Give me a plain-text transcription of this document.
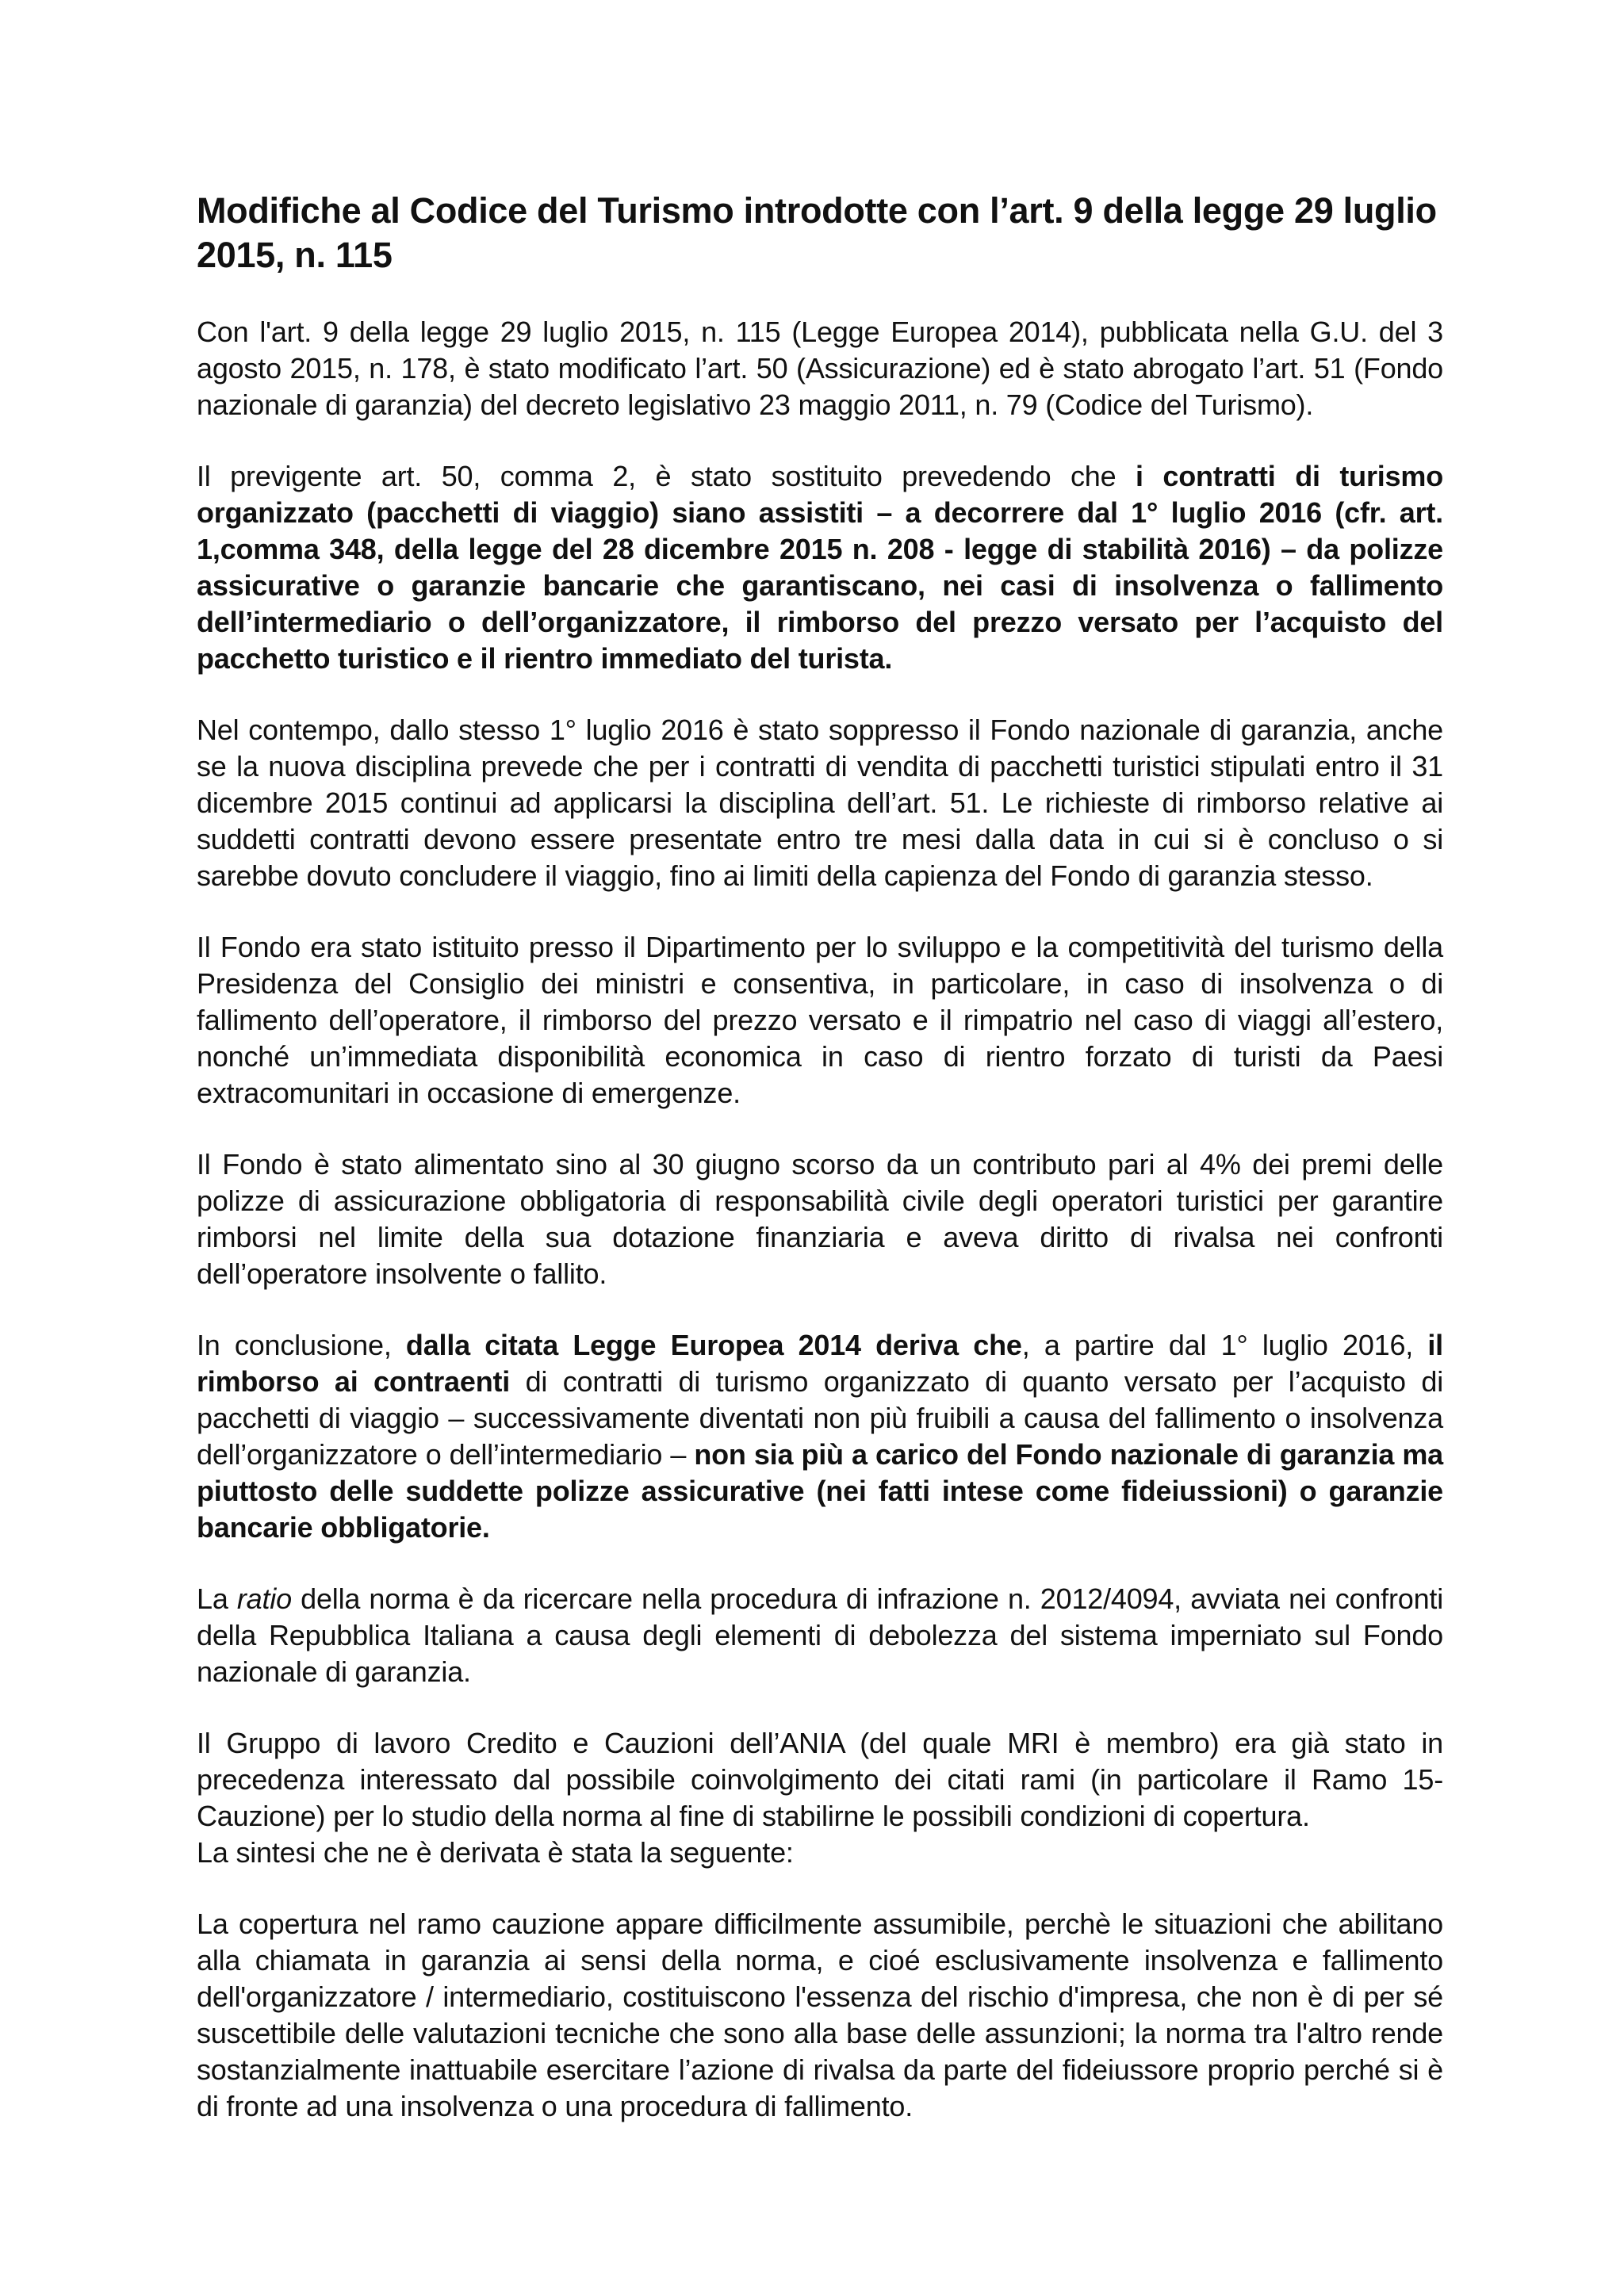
Modifiche al Codice del Turismo introdotte con l’art. 9 della legge 29 luglio 2015, n. 115

Con l'art. 9 della legge 29 luglio 2015, n. 115 (Legge Europea 2014), pubblicata nella G.U. del 3 agosto 2015, n. 178, è stato modificato l’art. 50 (Assicurazione) ed è stato abrogato l’art. 51 (Fondo nazionale di garanzia) del decreto legislativo 23 maggio 2011, n. 79 (Codice del Turismo).

Il previgente art. 50, comma 2, è stato sostituito prevedendo che i contratti di turismo organizzato (pacchetti di viaggio) siano assistiti – a decorrere dal 1° luglio 2016 (cfr. art. 1,comma 348, della legge del 28 dicembre 2015 n. 208 - legge di stabilità 2016) – da polizze assicurative o garanzie bancarie che garantiscano, nei casi di insolvenza o fallimento dell’intermediario o dell’organizzatore, il rimborso del prezzo versato per l’acquisto del pacchetto turistico e il rientro immediato del turista.

Nel contempo, dallo stesso 1° luglio 2016 è stato soppresso il Fondo nazionale di garanzia, anche se la nuova disciplina prevede che per i contratti di vendita di pacchetti turistici stipulati entro il 31 dicembre 2015 continui ad applicarsi la disciplina dell’art. 51. Le richieste di rimborso relative ai suddetti contratti devono essere presentate entro tre mesi dalla data in cui si è concluso o si sarebbe dovuto concludere il viaggio, fino ai limiti della capienza del Fondo di garanzia stesso.

Il Fondo era stato istituito presso il Dipartimento per lo sviluppo e la competitività del turismo della Presidenza del Consiglio dei ministri e consentiva, in particolare, in caso di insolvenza o di fallimento dell’operatore, il rimborso del prezzo versato e il rimpatrio nel caso di viaggi all’estero, nonché un’immediata disponibilità economica in caso di rientro forzato di turisti da Paesi extracomunitari in occasione di emergenze.

Il Fondo è stato alimentato sino al 30 giugno scorso da un contributo pari al 4% dei premi delle polizze di assicurazione obbligatoria di responsabilità civile degli operatori turistici per garantire rimborsi nel limite della sua dotazione finanziaria e aveva diritto di rivalsa nei confronti dell’operatore insolvente o fallito.

In conclusione, dalla citata Legge Europea 2014 deriva che, a partire dal 1° luglio 2016, il rimborso ai contraenti di contratti di turismo organizzato di quanto versato per l’acquisto di pacchetti di viaggio – successivamente diventati non più fruibili a causa del fallimento o insolvenza dell’organizzatore o dell’intermediario – non sia più a carico del Fondo nazionale di garanzia ma piuttosto delle suddette polizze assicurative (nei fatti intese come fideiussioni) o garanzie bancarie obbligatorie.

La ratio della norma è da ricercare nella procedura di infrazione n. 2012/4094, avviata nei confronti della Repubblica Italiana a causa degli elementi di debolezza del sistema imperniato sul Fondo nazionale di garanzia.

Il Gruppo di lavoro Credito e Cauzioni dell’ANIA (del quale MRI è membro) era già stato in precedenza interessato dal possibile coinvolgimento dei citati rami (in particolare il Ramo 15-Cauzione) per lo studio della norma al fine di stabilirne le possibili condizioni di copertura.

La sintesi che ne è derivata è stata la seguente:

La copertura nel ramo cauzione appare difficilmente assumibile, perchè le situazioni che abilitano alla chiamata in garanzia ai sensi della norma, e cioé esclusivamente insolvenza e fallimento dell'organizzatore / intermediario, costituiscono l'essenza del rischio d'impresa, che non è di per sé suscettibile delle valutazioni tecniche che sono alla base delle assunzioni; la norma tra l'altro rende sostanzialmente inattuabile esercitare l’azione di rivalsa da parte del fideiussore proprio perché si è di fronte ad una insolvenza o una procedura di fallimento.
